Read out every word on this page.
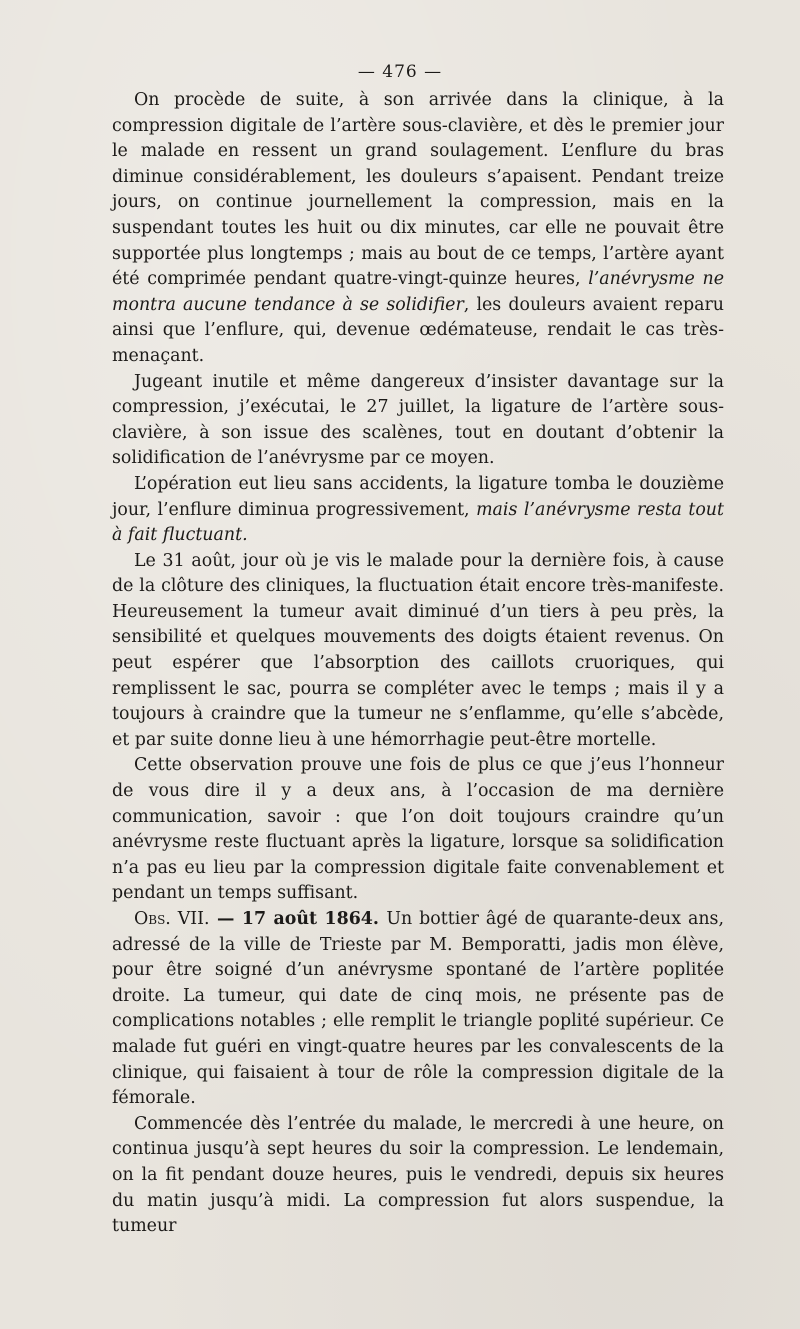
— 476 —

On procède de suite, à son arrivée dans la clinique, à la compression digitale de l’artère sous-clavière, et dès le premier jour le malade en ressent un grand soulagement. L’enflure du bras diminue considérablement, les douleurs s’apaisent. Pendant treize jours, on continue journellement la compression, mais en la suspendant toutes les huit ou dix minutes, car elle ne pouvait être supportée plus longtemps ; mais au bout de ce temps, l’artère ayant été comprimée pendant quatre-vingt-quinze heures, l’anévrysme ne montra aucune tendance à se solidifier, les douleurs avaient reparu ainsi que l’enflure, qui, devenue œdémateuse, rendait le cas très-menaçant.

Jugeant inutile et même dangereux d’insister davantage sur la compression, j’exécutai, le 27 juillet, la ligature de l’artère sous-clavière, à son issue des scalènes, tout en doutant d’obtenir la solidification de l’anévrysme par ce moyen.

L’opération eut lieu sans accidents, la ligature tomba le douzième jour, l’enflure diminua progressivement, mais l’anévrysme resta tout à fait fluctuant.

Le 31 août, jour où je vis le malade pour la dernière fois, à cause de la clôture des cliniques, la fluctuation était encore très-manifeste. Heureusement la tumeur avait diminué d’un tiers à peu près, la sensibilité et quelques mouvements des doigts étaient revenus. On peut espérer que l’absorption des caillots cruoriques, qui remplissent le sac, pourra se compléter avec le temps ; mais il y a toujours à craindre que la tumeur ne s’enflamme, qu’elle s’abcède, et par suite donne lieu à une hémorrhagie peut-être mortelle.

Cette observation prouve une fois de plus ce que j’eus l’honneur de vous dire il y a deux ans, à l’occasion de ma dernière communication, savoir : que l’on doit toujours craindre qu’un anévrysme reste fluctuant après la ligature, lorsque sa solidification n’a pas eu lieu par la compression digitale faite convenablement et pendant un temps suffisant.

Obs. VII. — 17 août 1864. Un bottier âgé de quarante-deux ans, adressé de la ville de Trieste par M. Bemporatti, jadis mon élève, pour être soigné d’un anévrysme spontané de l’artère poplitée droite. La tumeur, qui date de cinq mois, ne présente pas de complications notables ; elle remplit le triangle poplité supérieur. Ce malade fut guéri en vingt-quatre heures par les convalescents de la clinique, qui faisaient à tour de rôle la compression digitale de la fémorale.

Commencée dès l’entrée du malade, le mercredi à une heure, on continua jusqu’à sept heures du soir la compression. Le lendemain, on la fit pendant douze heures, puis le vendredi, depuis six heures du matin jusqu’à midi. La compression fut alors suspendue, la tumeur
